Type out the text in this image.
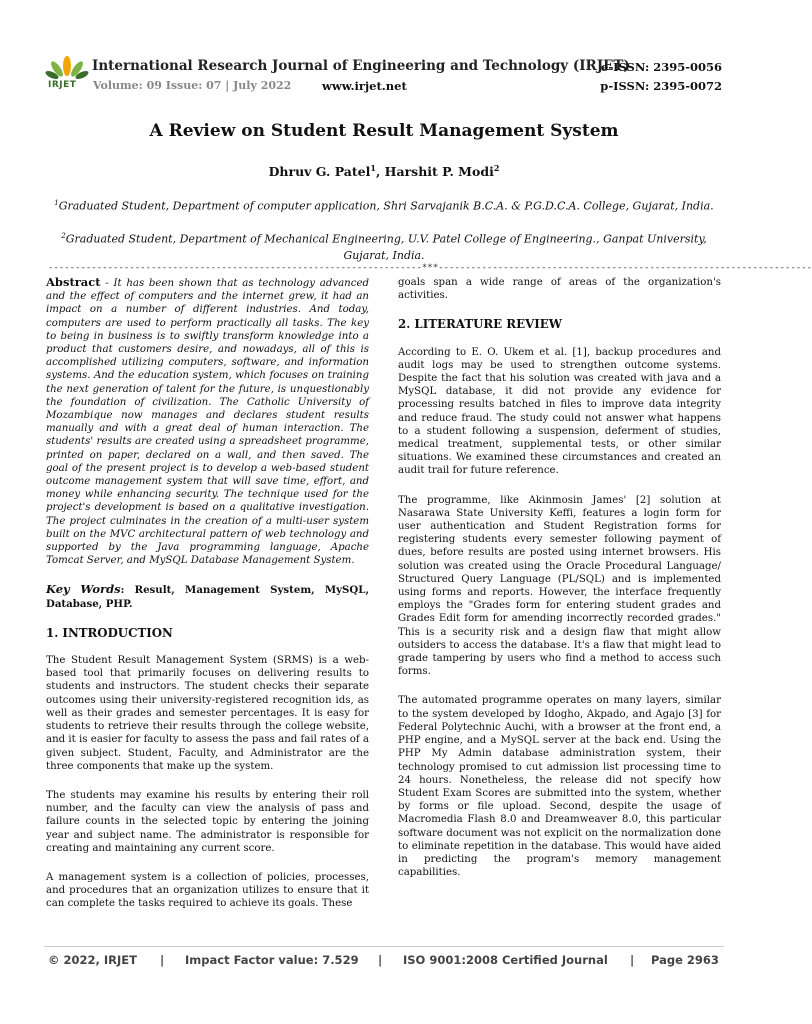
IRJET
International Research Journal of Engineering and Technology (IRJET)
Volume: 09 Issue: 07 | July 2022	www.irjet.net
e-ISSN: 2395-0056
p-ISSN: 2395-0072
A Review on Student Result Management System
Dhruv G. Patel$^1$, Harshit P. Modi$^2$
$^1$Graduated Student, Department of computer application, Shri Sarvajanik B.C.A. & P.G.D.C.A. College, Gujarat, India.
$^2$Graduated Student, Department of Mechanical Engineering, U.V. Patel College of Engineering., Ganpat University, Gujarat, India.
---------------------------------------------------------------------***---------------------------------------------------------------------

Abstract - It has been shown that as technology advanced and the effect of computers and the internet grew, it had an impact on a number of different industries. And today, computers are used to perform practically all tasks. The key to being in business is to swiftly transform knowledge into a product that customers desire, and nowadays, all of this is accomplished utilizing computers, software, and information systems. And the education system, which focuses on training the next generation of talent for the future, is unquestionably the foundation of civilization. The Catholic University of Mozambique now manages and declares student results manually and with a great deal of human interaction. The students' results are created using a spreadsheet programme, printed on paper, declared on a wall, and then saved. The goal of the present project is to develop a web-based student outcome management system that will save time, effort, and money while enhancing security. The technique used for the project's development is based on a qualitative investigation. The project culminates in the creation of a multi-user system built on the MVC architectural pattern of web technology and supported by the Java programming language, Apache Tomcat Server, and MySQL Database Management System.

Key Words: Result, Management System, MySQL, Database, PHP.

1. INTRODUCTION

The Student Result Management System (SRMS) is a web-based tool that primarily focuses on delivering results to students and instructors. The student checks their separate outcomes using their university-registered recognition ids, as well as their grades and semester percentages. It is easy for students to retrieve their results through the college website, and it is easier for faculty to assess the pass and fail rates of a given subject. Student, Faculty, and Administrator are the three components that make up the system.

The students may examine his results by entering their roll number, and the faculty can view the analysis of pass and failure counts in the selected topic by entering the joining year and subject name. The administrator is responsible for creating and maintaining any current score.

A management system is a collection of policies, processes, and procedures that an organization utilizes to ensure that it can complete the tasks required to achieve its goals. These

goals span a wide range of areas of the organization's activities.

2. LITERATURE REVIEW

According to E. O. Ukem et al. [1], backup procedures and audit logs may be used to strengthen outcome systems. Despite the fact that his solution was created with java and a MySQL database, it did not provide any evidence for processing results batched in files to improve data integrity and reduce fraud. The study could not answer what happens to a student following a suspension, deferment of studies, medical treatment, supplemental tests, or other similar situations. We examined these circumstances and created an audit trail for future reference.

The programme, like Akinmosin James' [2] solution at Nasarawa State University Keffi, features a login form for user authentication and Student Registration forms for registering students every semester following payment of dues, before results are posted using internet browsers. His solution was created using the Oracle Procedural Language/ Structured Query Language (PL/SQL) and is implemented using forms and reports. However, the interface frequently employs the "Grades form for entering student grades and Grades Edit form for amending incorrectly recorded grades." This is a security risk and a design flaw that might allow outsiders to access the database. It's a flaw that might lead to grade tampering by users who find a method to access such forms.

The automated programme operates on many layers, similar to the system developed by Idogho, Akpado, and Agajo [3] for Federal Polytechnic Auchi, with a browser at the front end, a PHP engine, and a MySQL server at the back end. Using the PHP My Admin database administration system, their technology promised to cut admission list processing time to 24 hours. Nonetheless, the release did not specify how Student Exam Scores are submitted into the system, whether by forms or file upload. Second, despite the usage of Macromedia Flash 8.0 and Dreamweaver 8.0, this particular software document was not explicit on the normalization done to eliminate repetition in the database. This would have aided in predicting the program's memory management capabilities.

© 2022, IRJET | Impact Factor value: 7.529 | ISO 9001:2008 Certified Journal | Page 2963
